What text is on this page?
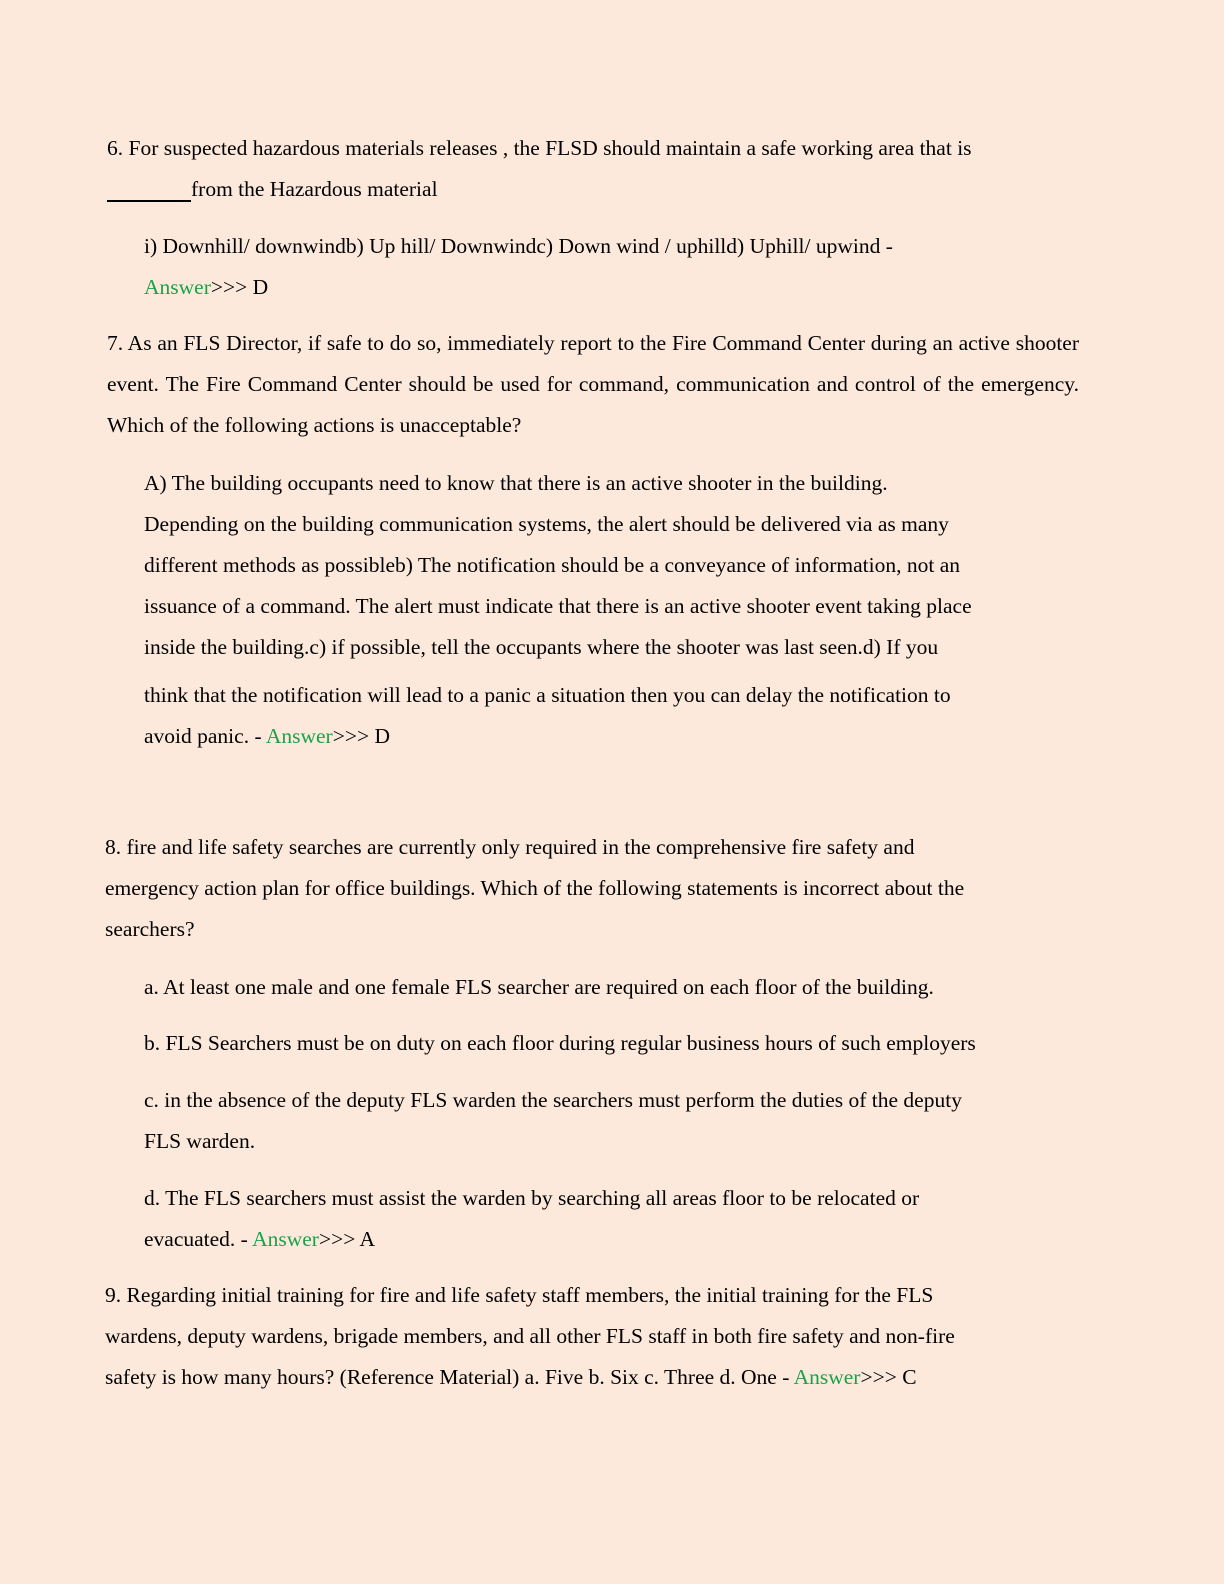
6. For suspected hazardous materials releases , the FLSD should maintain a safe working area that is
from the Hazardous material
i) Downhill/ downwindb) Up hill/ Downwindc) Down wind / uphilld) Uphill/ upwind -
Answer>>> D
7. As an FLS Director, if safe to do so, immediately report to the Fire Command Center during an active shooter event. The Fire Command Center should be used for command, communication and control of the emergency. Which of the following actions is unacceptable?
A) The building occupants need to know that there is an active shooter in the building.
Depending on the building communication systems, the alert should be delivered via as many
different methods as possibleb) The notification should be a conveyance of information, not an
issuance of a command. The alert must indicate that there is an active shooter event taking place
inside the building.c) if possible, tell the occupants where the shooter was last seen.d) If you
think that the notification will lead to a panic a situation then you can delay the notification to
avoid panic. - Answer>>> D
8. fire and life safety searches are currently only required in the comprehensive fire safety and
emergency action plan for office buildings. Which of the following statements is incorrect about the
searchers?
a. At least one male and one female FLS searcher are required on each floor of the building.
b. FLS Searchers must be on duty on each floor during regular business hours of such employers
c. in the absence of the deputy FLS warden the searchers must perform the duties of the deputy
FLS warden.
d. The FLS searchers must assist the warden by searching all areas floor to be relocated or
evacuated. - Answer>>> A
9. Regarding initial training for fire and life safety staff members, the initial training for the FLS
wardens, deputy wardens, brigade members, and all other FLS staff in both fire safety and non-fire
safety is how many hours? (Reference Material) a. Five b. Six c. Three d. One - Answer>>> C
